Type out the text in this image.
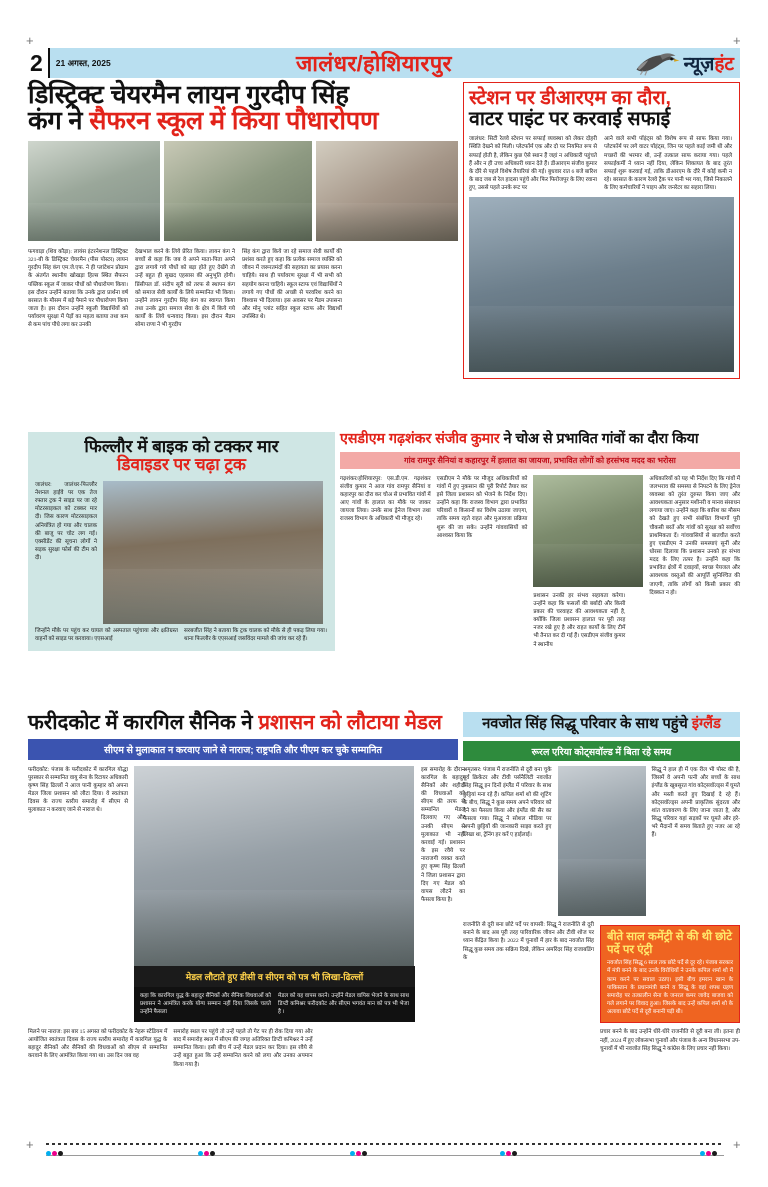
+	+
+	+
2	21 अगस्त, 2025	जालंधर/होशियारपुर	न्यूज़हंट
डिस्ट्रिक्ट चेयरमैन लायन गुरदीप सिंह
कंग ने सैफरन स्कूल में किया पौधारोपण
फगवाड़ा (शिव कौड़ा): लायंस इंटरनेशनल डिस्ट्रिक्ट 321-बी के डिस्ट्रिक्ट चेयरमैन (पीस पोस्टर) लायन गुरदीप सिंह कंग एम.जे.एफ. ने ही प्लांटेशन प्रोग्राम के अंतर्गत स्थानीय खोखड़ा हिल्स स्थित सैफरन पब्लिक स्कूल में जाकर पौधों को पौधारोपण किया। इस दौरान उन्होंने बताया कि उनके द्वारा प्रार्थना वर्ष बरसात के मौसम में बड़े पैमाने पर पौधारोपण किया जाता है। इस दौरान उन्होंने स्कूली विद्यार्थियों को पर्यावरण सुरक्षा में पेड़ों का महत्व बताया तथा कम से कम पांच पौधे लगा कर उनकी
देखभाल करने के लिये प्रेरित किया। लायन कंग ने बच्चों से कहा कि जब वे अपने माता-पिता अपने द्वारा लगाये गये पौधों को बड़ा होते हुए देखेंगे तो उन्हें बहुत ही सुखद एहसास की अनुभूति होगी। प्रिंसीपल डॉ. संदीप सूरी को तरफ से स्थापन कंग को समाज सेवी कार्यों के लिये सम्मानित भी किया। उन्होंने लायन गुरदीप सिंह कंग का स्वागत किया तथा उनके द्वारा समाज सेवा के क्षेत्र में किये गये कार्यों के लिये धन्यवाद किया। इस दौरान मैडम सोमा राणा ने भी गुरदीप
सिंह कंग द्वारा किये जा रहे समाज सेवी कार्यों की प्रशंसा करते हुए कहा कि प्रत्येक समाज व्यक्ति को जीवन में जरूरतमंदों की सहायता का प्रयास करना चाहिये। साथ ही पर्यावरण सुरक्षा में भी सभी को सहयोग करना चाहिये। स्कूल स्टाफ एवं विद्यार्थियों ने लगाये गए पौधों की अच्छी से परवरिश करने का विश्वास भी दिलाया। इस अवसर पर मैडम उपासना और मोनू प्लांट सहित स्कूल स्टाफ और विद्यार्थी उपस्थित थे।
स्टेशन पर डीआरएम का दौरा,
वाटर पाइंट पर करवाई सफाई
जालंधर: सिटी रेलवे स्टेशन पर सफाई व्यवस्था को लेकर दोहरी स्थिति देखने को मिली। प्लेटफॉर्म एक और दो पर नियमित रूप से सफाई होती है, लेकिन कुछ ऐसे स्थान हैं जहां न अधिकारी पहुंचते हैं और न ही उच्च अधिकारी ध्यान देते हैं। डीआरएम संजीव कुमार के दौरे से पहले विशेष तैयारियां की गई। बुधवार रात 6 बजे बारिश के बाद जब से रेल हादसा पहुंचे और फिर फिरोजपुर के लिए रवाना हुए, उससे पहले उनके रूट पर
आने वाले सभी पॉइंट्स को विशेष रूप से साफ किया गया। प्लेटफॉर्म पर लगे वाटर पॉइंट्स, जिन पर पहले काई जमी थी और मच्छरों की भरमार थी, उन्हें तत्काल साफ कराया गया। पहले सफाईकर्मी ने ध्यान नहीं दिया, लेकिन शिकायत के बाद तुरंत सफाई शुरू करवाई गई, ताकि डीआरएम के दौरे में कोई कमी न रहे। बरसात के कारण रेलवे ट्रैक पर पानी भर गया, जिसे निकालने के लिए कर्मचारियों ने पाइप और जनरेटर का सहारा लिया।
फिल्लौर में बाइक को टक्कर मार
डिवाइडर पर चढ़ा ट्रक
जालंधर: जालंधर-फिल्लौर नेशनल हाईवे पर एक तेज रफ्तार ट्रक ने साइड पर जा रहे मोटरसाइकल को टक्कर मार दी। जिस कारण मोटरसाइकल अनियंत्रित हो गया और चालक की बाजू पर चोट लग गई। एक्सीडेंट की सूचना लोगों ने सड़क सुरक्षा फोर्स की टीम को दी।
जिन्होंने मौके पर पहुंच कर घायल को अस्पताल पहुंचाया और क्षतिग्रस्त वाहनों को साइड पर करवाया। एएसआई
सरबजीत सिंह ने बताया कि ट्रक चालक को मौके से ही पकड़ लिया गया। थाना फिल्लौर के एएसआई जसविंदर मामले की जांच कर रहे हैं।
एसडीएम गढ़शंकर संजीव कुमार ने चोअ से प्रभावित गांवों का दौरा किया
गांव रामपुर सैनियां व कहारपुर में हालात का जायजा, प्रभावित लोगों को हरसंभव मदद का भरोसा
गढ़शंकर/होशियारपुर: एस.डी.एम. गढ़शंकर संजीव कुमार ने आज गांव रामपुर सैनियां व कहारपुर का दौरा कर चोअ से प्रभावित गांवों में आए गांवों के हालात का मौके पर जाकर जायजा लिया। उनके साथ ड्रेनेज विभाग तथा राजस्व विभाग के अधिकारी भी मौजूद रहे।
एसडीएम ने मौके पर मौजूद अधिकारियों को गांवों में हुए नुकसान की पूरी रिपोर्ट तैयार कर इसे जिला प्रशासन को भेजने के निर्देश दिए। उन्होंने कहा कि राजस्व विभाग द्वारा प्रभावित परिवारों व किसानों का विशेष उठाया जाएगा, ताकि समय रहते राहत और मुआवजा प्रक्रिया शुरू की जा सके। उन्होंने गांववासियों को आश्वस्त किया कि
प्रशासन उनकी हर संभव सहायता करेगा। उन्होंने कहा कि फसलों की बर्बादी और किसी प्रकार की चरवाहट की आवश्यकता नहीं है, क्योंकि जिला प्रशासन हालात पर पूरी तरह नजर रखे हुए है और राहत कार्यों के लिए टीमें भी तैनात कर दी गई हैं। एसडीएम संजीव कुमार ने स्थानीय
अधिकारियों को यह भी निर्देश दिए कि गांवों में जलभराव की समस्या से निपटने के लिए ड्रेनेज व्यवस्था को तुरंत दुरुस्त किया जाए और आवश्यकता अनुसार मशीनरी व मानव संसाधन लगाया जाए। उन्होंने कहा कि बारिश का मौसम को देखते हुए सभी संबंधित विभागों पूरी चौकसी बरतें और गांवों को सुरक्षा को सर्वोच्च प्राथमिकता दें। गांववासियों से बातचीत करते हुए एसडीएम ने उनकी समस्याएं सुनीं और धोरसा दिलाया कि प्रशासन उनको हर संभव मदद के लिए तत्पर है। उन्होंने कहा कि प्रभावित क्षेत्रों में दवाइयों, स्वच्छ पेयजल और आवश्यक वस्तुओं की आपूर्ति सुनिश्चित की जाएगी, ताकि लोगों को किसी प्रकार की दिक्कत न हो।
फरीदकोट में कारगिल सैनिक ने प्रशासन को लौटाया मेडल
सीएम से मुलाकात न करवाए जाने से नाराज; राष्ट्रपति और पीएम कर चुके सम्मानित
फरीदकोट: पंजाब के फरीदकोट में कारगिल योद्धा पुरस्कार से सम्मानित वायु सेना के रिटायर अधिकारी कृष्ण सिंह ढिल्लों ने आज पानी कुम्हार को अपना मेडल जिला प्रशासन को लौटा दिया। वे स्वतंत्रता दिवस के राज्य स्तरीय समारोह में सीएम से मुलाकात न करवाए जाने से नाराज थे।
मेडल लौटाते हुए डीसी व सीएम को पत्र भी लिखा-ढिल्लों
कहा कि कारगिल युद्ध के बहादुर सैनिकों और सैनिक विधवाओं को प्रशासन ने आमंत्रित करके योग्य सम्मान नहीं दिया जिसके चलते उन्होंने फैसला
मेडल को यह वापस करने। उन्होंने मेडल वापिस भेजने के साथ साथ डिप्टी कमिश्नर फरीदकोट और सीएम भगवंत मान को पत्र भी भेजा है ।
इस समारोह के दौरान कारगिल के बहादुर सैनिकों और शहीदों की विधवाओं को सीएम की तरफ से सम्मानित मेडल दिलवाए गए और उनकी सीएम से मुलाकात भी नहीं करवाई गई। प्रशासन के इस रवैये पर नाराजगी व्यक्त करते हुए कृष्ण सिंह ढिल्लों ने जिला प्रशासन द्वारा दिए गए मेडल को वापस लौटने का फैसला किया है।
मिलने पर नाराज: इस बार 15 अगस्त को फरीदकोट के नेहरू स्टेडियम में आयोजित स्वतंत्रता दिवस के राज्य स्तरीय समारोह में कारगिल युद्ध के बहादुर सैनिकों और सैनिकों की विधवाओं को सीएम से सम्मानित करवाने के लिए आमंत्रित किया गया था। उस दिन जब वह
समारोह स्थल पर पहुंचे तो उन्हें पहले तो गेट पर ही रोक दिया गया और बाद में समारोह स्थल में सीएम की जगह अतिरिक्त डिप्टी कमिश्नर ने उन्हें सम्मानित किया। इसी बीच में उन्हें मेडल प्रदान कर दिया। इस रवैये से उन्हें बहुत हुआ कि उन्हें सम्मानित करने को लगा और उनका अपमान किया गया है।
नवजोत सिंह सिद्धू परिवार के साथ पहुंचे इंग्लैंड
रूरल एरिया कोट्सवॉल्ड में बिता रहे समय
अमृतसर: पंजाब में राजनीति से दूरी बना चुके पूर्व क्रिकेटर और टीवी पर्सनैलिटी नवजोत सिंह सिद्धू इन दिनों इंग्लैंड में परिवार के साथ छुट्टियां मना रहे हैं। कपिल शर्मा शो की शूटिंग के बीच, सिद्धू ने कुछ समय अपने परिवार को देने का फैसला किया और इंग्लैंड की सैर का फैसला गया। सिद्धू ने सोशल मीडिया पर अपनी छुट्टियों की जानकारी साझा करते हुए लिखा था, ट्रेनिंग हर करें ए हाईलाई।
सिद्धू ने हाल ही में एक रील भी पोस्ट की है, जिसमें वे अपनी पत्नी और बच्चों के साथ इंग्लैंड के खूबसूरत गांव कोट्सवॉल्ड्स में घूमते और मस्ती करते हुए दिखाई दे रहे हैं। कोट्सवॉल्ड्स अपनी प्राकृतिक सुंदरता और शांत वातावरण के लिए जाना जाता है, और सिद्धू परिवार यहां सड़कों पर घूमते और हरे-भरे मैदानों में समय बिताते हुए नजर आ रहे हैं।
राजनीति से दूरी बना छोटे पर्दे पर वापसी: सिद्धू ने राजनीति से दूरी बनाने के बाद अब पूरी तरह पारिवारिक जीवन और टीवी शोज पर ध्यान केंद्रित किया है। 2022 में चुनावों में हार के बाद नवजोत सिंह सिद्धू कुछ समय तक सक्रिय दिखे, लेकिन अमरिंदर सिंह राजाबडिंग के
बीते साल कमेंट्री से की थी छोटे पर्दे पर एंट्री
नवजोत सिंह सिद्धू 6 साल तक छोटे पर्दे से दूर रहे। पंजाब सरकार में मंत्री बनने के बाद उनके विरोधियों ने उनके कपिल शर्मा शो में काम करने पर सवाल उठाए। इसी बीच इमरान खान के पाकिस्तान के प्रधानमंत्री बनने व सिद्धू के वहां शपथ ग्रहण समारोह पर तत्कालीन सेना के जनरल कमर जावेद बाजवा को गले लगाने पर विवाद हुआ। जिसके बाद उन्हें कपिल शर्मा शो के अलावा छोटे पर्दे से दूरी बनानी पड़ी थी।
प्रचार बनने के बाद उन्होंने धीरे-धीरे राजनीति से दूरी बना ली। इतना ही नहीं, 2024 में हुए लोकसभा चुनावों और पंजाब के अन्य विधानसभा उप-चुनावों में भी नवजोत सिंह सिद्धू ने कांग्रेस के लिए प्रचार नहीं किया।
